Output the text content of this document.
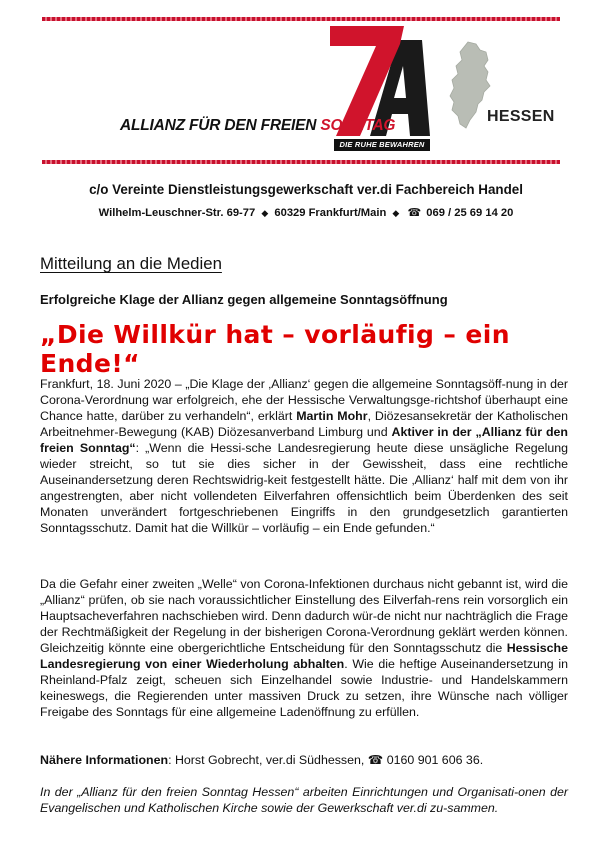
ALLIANZ FÜR DEN FREIEN SONNTAG
DIE RUHE BEWAHREN
HESSEN
c/o Vereinte Dienstleistungsgewerkschaft ver.di Fachbereich Handel
Wilhelm-Leuschner-Str. 69-77 ◆ 60329 Frankfurt/Main ◆ ☎ 069 / 25 69 14 20
Mitteilung an die Medien
Erfolgreiche Klage der Allianz gegen allgemeine Sonntagsöffnung
„Die Willkür hat – vorläufig – ein Ende!“
Frankfurt, 18. Juni 2020 – „Die Klage der ‚Allianz‘ gegen die allgemeine Sonntagsöff-nung in der Corona-Verordnung war erfolgreich, ehe der Hessische Verwaltungsge-richtshof überhaupt eine Chance hatte, darüber zu verhandeln“, erklärt Martin Mohr, Diözesansekretär der Katholischen Arbeitnehmer-Bewegung (KAB) Diözesanverband Limburg und Aktiver in der „Allianz für den freien Sonntag“: „Wenn die Hessi-sche Landesregierung heute diese unsägliche Regelung wieder streicht, so tut sie dies sicher in der Gewissheit, dass eine rechtliche Auseinandersetzung deren Rechtswidrig-keit festgestellt hätte. Die ‚Allianz‘ half mit dem von ihr angestrengten, aber nicht vollendeten Eilverfahren offensichtlich beim Überdenken des seit Monaten unverändert fortgeschriebenen Eingriffs in den grundgesetzlich garantierten Sonntagsschutz. Damit hat die Willkür – vorläufig – ein Ende gefunden.“
Da die Gefahr einer zweiten „Welle“ von Corona-Infektionen durchaus nicht gebannt ist, wird die „Allianz“ prüfen, ob sie nach voraussichtlicher Einstellung des Eilverfah-rens rein vorsorglich ein Hauptsacheverfahren nachschieben wird. Denn dadurch wür-de nicht nur nachträglich die Frage der Rechtmäßigkeit der Regelung in der bisherigen Corona-Verordnung geklärt werden können. Gleichzeitig könnte eine obergerichtliche Entscheidung für den Sonntagsschutz die Hessische Landesregierung von einer Wiederholung abhalten. Wie die heftige Auseinandersetzung in Rheinland-Pfalz zeigt, scheuen sich Einzelhandel sowie Industrie- und Handelskammern keineswegs, die Regierenden unter massiven Druck zu setzen, ihre Wünsche nach völliger Freigabe des Sonntags für eine allgemeine Ladenöffnung zu erfüllen.
Nähere Informationen: Horst Gobrecht, ver.di Südhessen, ☎ 0160 901 606 36.
In der „Allianz für den freien Sonntag Hessen“ arbeiten Einrichtungen und Organisati-onen der Evangelischen und Katholischen Kirche sowie der Gewerkschaft ver.di zu-sammen.
